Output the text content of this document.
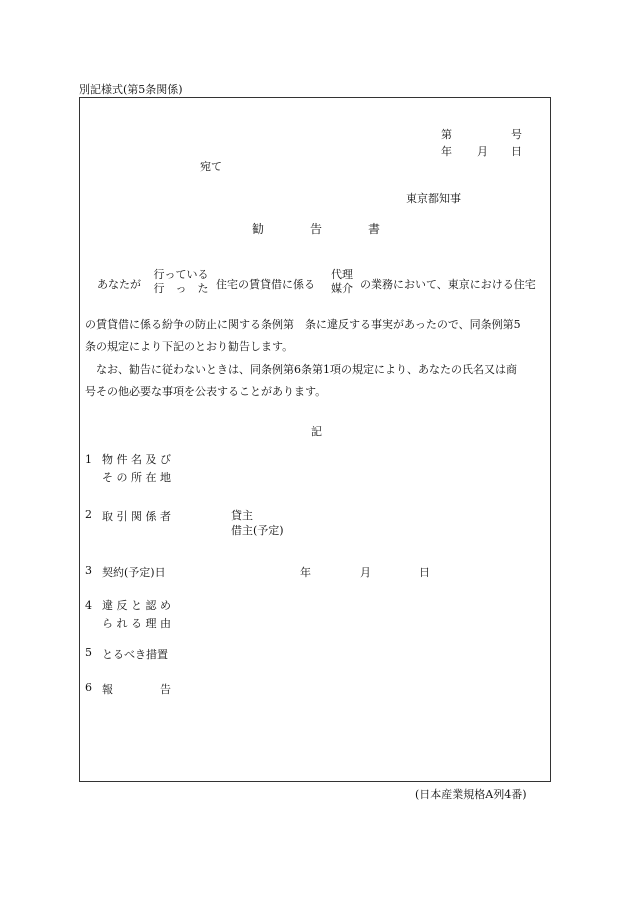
別記様式(第5条関係)
第	号
年 月 日
宛て
東京都知事
勧	告	書
あなたが
行っている
行　っ　た 住宅の賃貸借に係る
代理
媒介 の業務において、東京における住宅
の賃貸借に係る紛争の防止に関する条例第　条に違反する事実があったので、同条例第5
条の規定により下記のとおり勧告します。
　なお、勧告に従わないときは、同条例第6条第1項の規定により、あなたの氏名又は商
号その他必要な事項を公表することがあります。
記
1 物 件 名 及 び
そ の 所 在 地
2 取 引 関 係 者	貸主
借主(予定)
3 契約(予定)日	年	月	日
4 違 反 と 認 め
ら れ る 理 由
5 とるべき措置
6 報	告
(日本産業規格A列4番)
